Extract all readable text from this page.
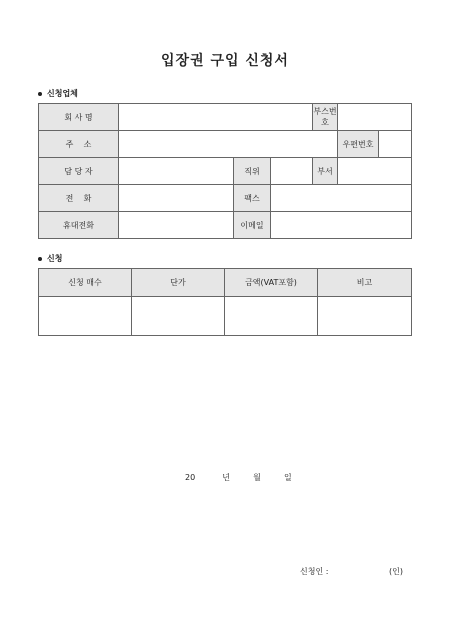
입장권 구입 신청서
신청업체
회 사 명				부스번호	
주    소					우편번호

담 당 자		직위		부서	
전    화		팩스			
휴대전화		이메일			
신청
신청 매수	단가	금액(VAT포함)	비고

20	년	월	일
신청인 :	(인)
